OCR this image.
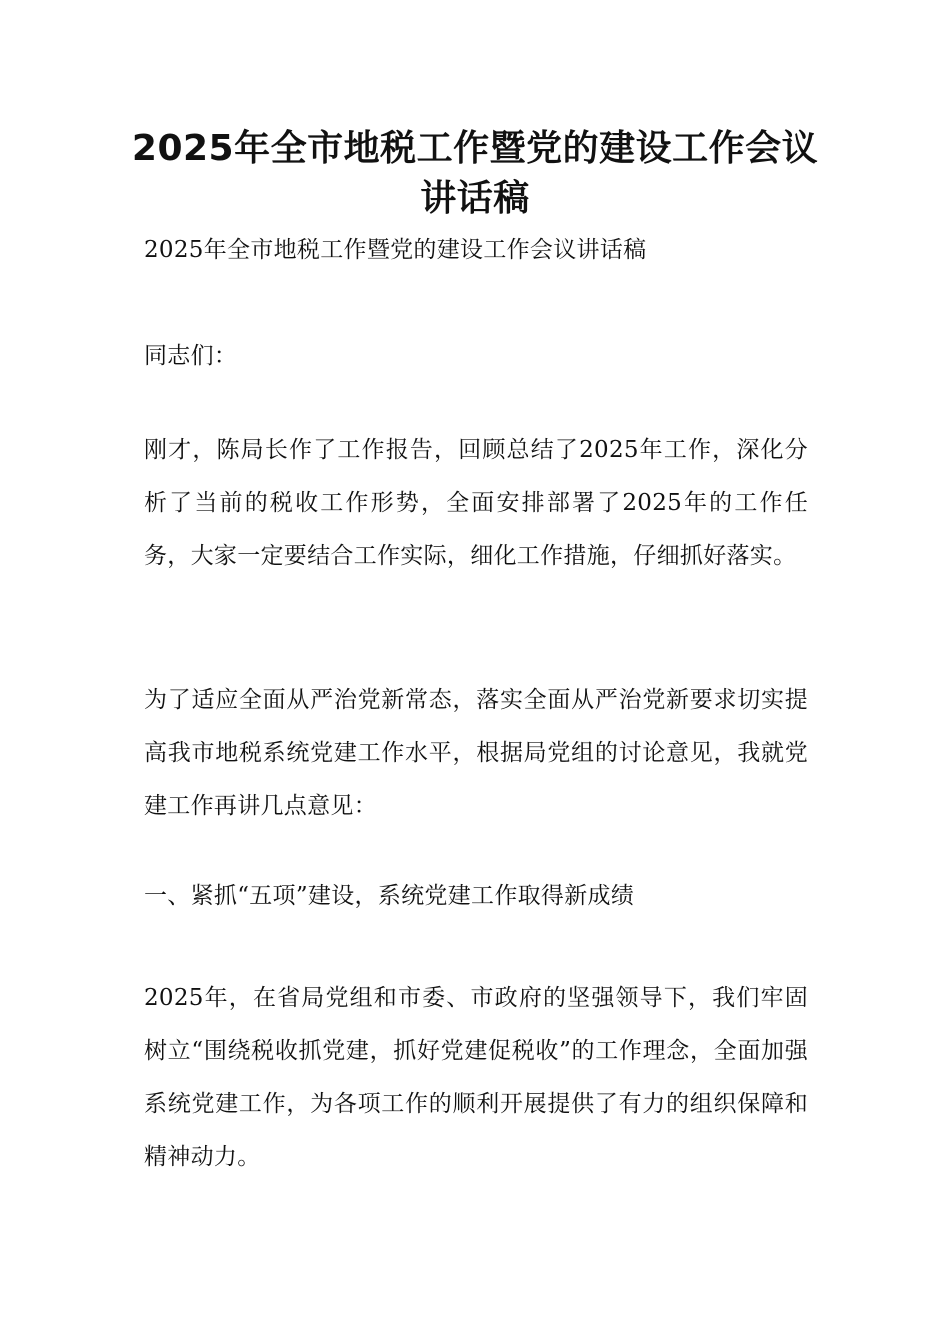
2025年全市地税工作暨党的建设工作会议讲话稿

2025年全市地税工作暨党的建设工作会议讲话稿

同志们：

刚才，陈局长作了工作报告，回顾总结了2025年工作，深化分析了当前的税收工作形势，全面安排部署了2025年的工作任务，大家一定要结合工作实际，细化工作措施，仔细抓好落实。

为了适应全面从严治党新常态，落实全面从严治党新要求切实提高我市地税系统党建工作水平，根据局党组的讨论意见，我就党建工作再讲几点意见：

一、紧抓“五项”建设，系统党建工作取得新成绩

2025年，在省局党组和市委、市政府的坚强领导下，我们牢固树立“围绕税收抓党建，抓好党建促税收”的工作理念，全面加强系统党建工作，为各项工作的顺利开展提供了有力的组织保障和精神动力。
